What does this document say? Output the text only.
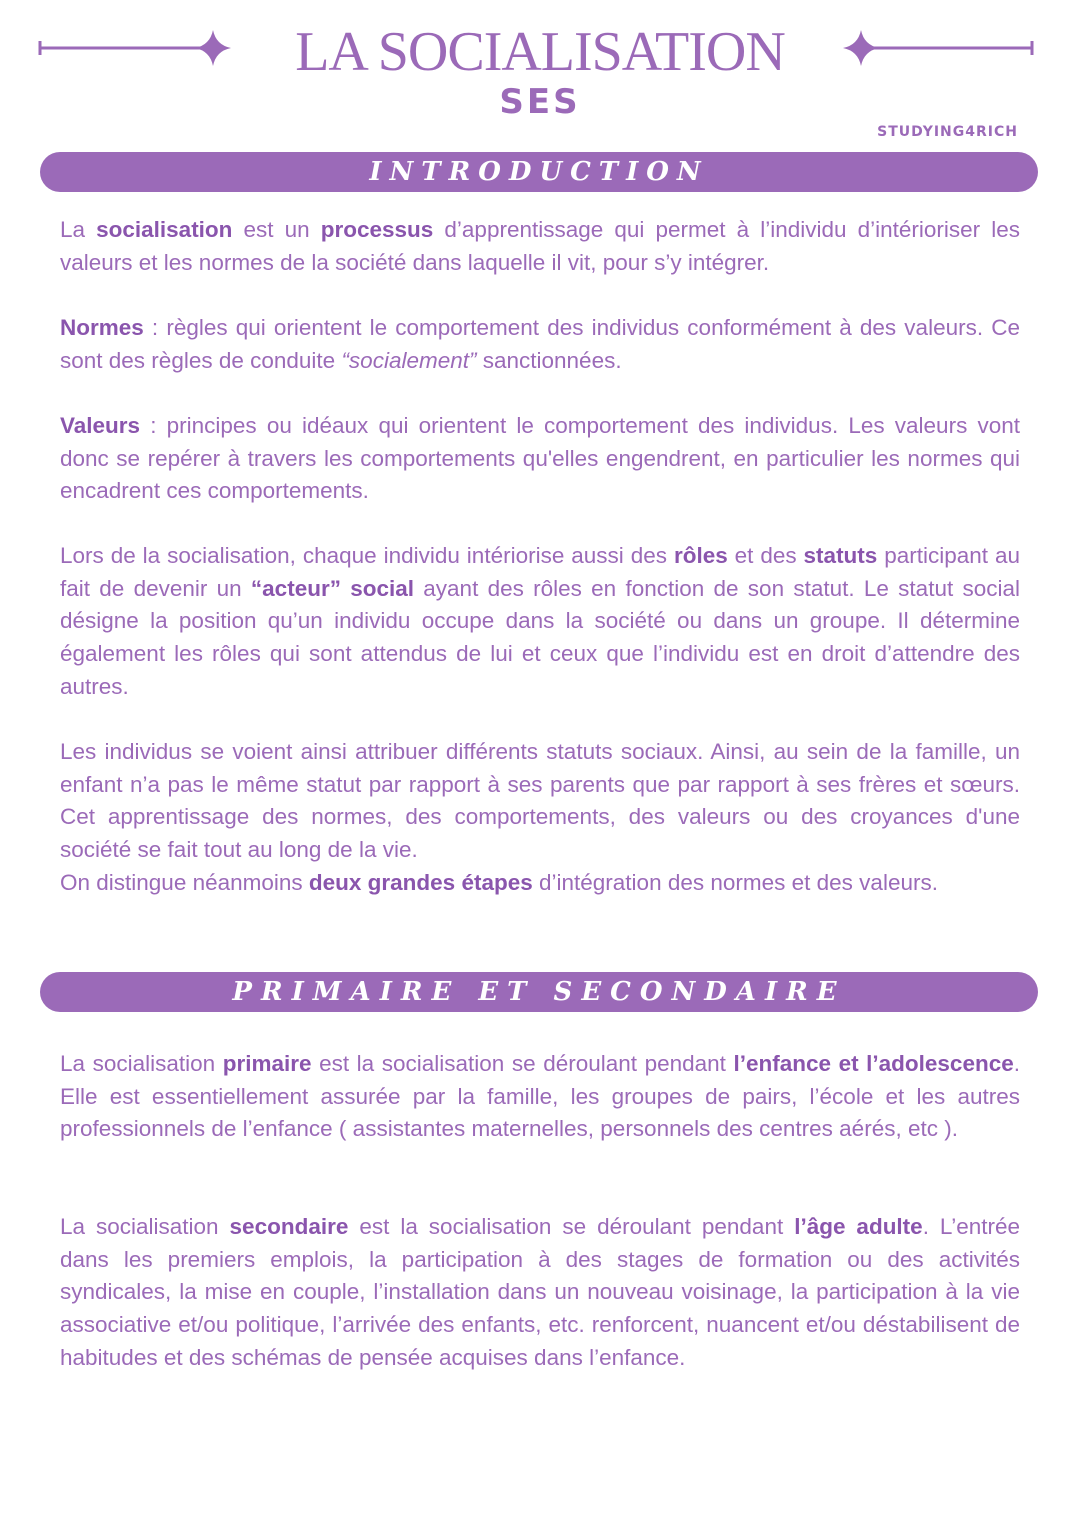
LA SOCIALISATION
SES
STUDYING4RICH
INTRODUCTION

La socialisation est un processus d’apprentissage qui permet à l’individu d’intérioriser les valeurs et les normes de la société dans laquelle il vit, pour s’y intégrer.

Normes : règles qui orientent le comportement des individus conformément à des valeurs. Ce sont des règles de conduite “socialement” sanctionnées.

Valeurs : principes ou idéaux qui orientent le comportement des individus. Les valeurs vont donc se repérer à travers les comportements qu'elles engendrent, en particulier les normes qui encadrent ces comportements.

Lors de la socialisation, chaque individu intériorise aussi des rôles et des statuts participant au fait de devenir un “acteur” social ayant des rôles en fonction de son statut. Le statut social désigne la position qu’un individu occupe dans la société ou dans un groupe. Il détermine également les rôles qui sont attendus de lui et ceux que l’individu est en droit d’attendre des autres.

Les individus se voient ainsi attribuer différents statuts sociaux. Ainsi, au sein de la famille, un enfant n’a pas le même statut par rapport à ses parents que par rapport à ses frères et sœurs. Cet apprentissage des normes, des comportements, des valeurs ou des croyances d'une société se fait tout au long de la vie.
On distingue néanmoins deux grandes étapes d’intégration des normes et des valeurs.

PRIMAIRE ET SECONDAIRE

La socialisation primaire est la socialisation se déroulant pendant l’enfance et l’adolescence. Elle est essentiellement assurée par la famille, les groupes de pairs, l’école et les autres professionnels de l’enfance ( assistantes maternelles, personnels des centres aérés, etc ).

La socialisation secondaire est la socialisation se déroulant pendant l’âge adulte. L’entrée dans les premiers emplois, la participation à des stages de formation ou des activités syndicales, la mise en couple, l’installation dans un nouveau voisinage, la participation à la vie associative et/ou politique, l’arrivée des enfants, etc. renforcent, nuancent et/ou déstabilisent de habitudes et des schémas de pensée acquises dans l’enfance.
